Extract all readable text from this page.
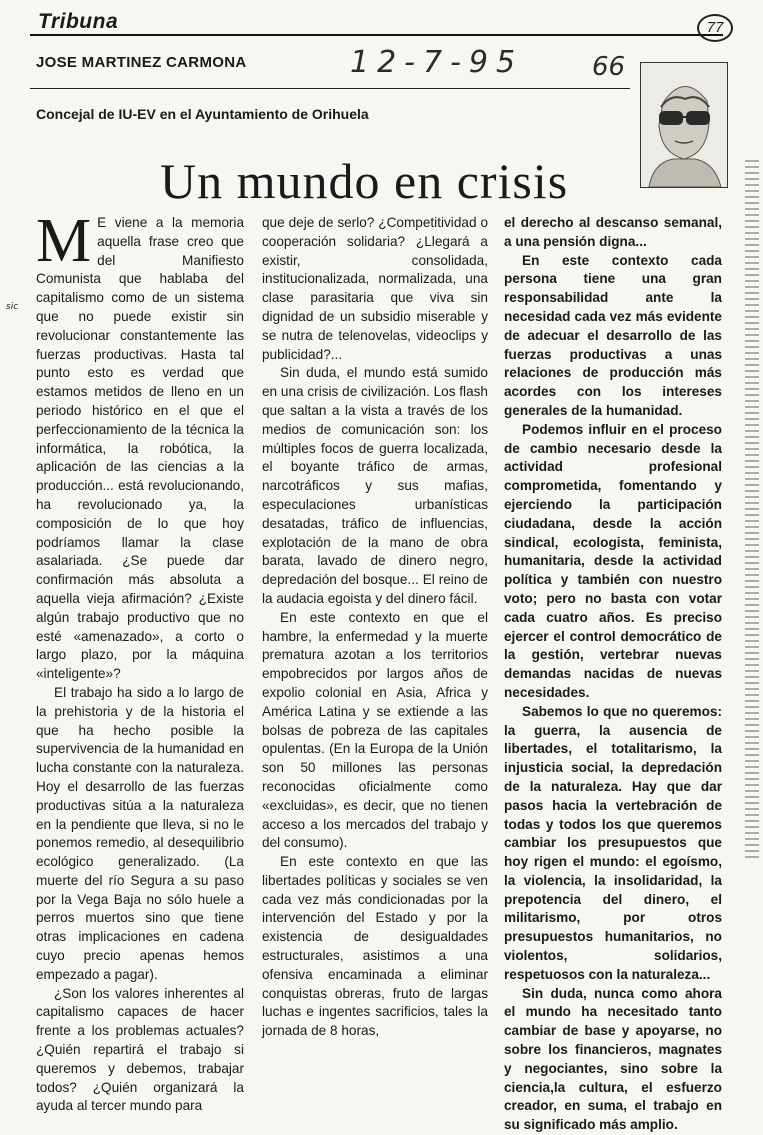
Tribuna	77
JOSE MARTINEZ CARMONA	12-7-95	66
Concejal de IU-EV en el Ayuntamiento de Orihuela
Un mundo en crisis
sic

M E viene a la memoria aquella frase creo que del Manifiesto Comunista que hablaba del capitalismo como de un sistema que no puede existir sin revolucionar constantemente las fuerzas productivas. Hasta tal punto esto es verdad que estamos metidos de lleno en un periodo histórico en el que el perfeccionamiento de la técnica la informática, la robótica, la aplicación de las ciencias a la producción... está revolucionando, ha revolucionado ya, la composición de lo que hoy podríamos llamar la clase asalariada. ¿Se puede dar confirmación más absoluta a aquella vieja afirmación? ¿Existe algún trabajo productivo que no esté «amenazado», a corto o largo plazo, por la máquina «inteligente»?

El trabajo ha sido a lo largo de la prehistoria y de la historia el que ha hecho posible la supervivencia de la humanidad en lucha constante con la naturaleza. Hoy el desarrollo de las fuerzas productivas sitúa a la naturaleza en la pendiente que lleva, si no le ponemos remedio, al desequilibrio ecológico generalizado. (La muerte del río Segura a su paso por la Vega Baja no sólo huele a perros muertos sino que tiene otras implicaciones en cadena cuyo precio apenas hemos empezado a pagar).

¿Son los valores inherentes al capitalismo capaces de hacer frente a los problemas actuales? ¿Quién repartirá el trabajo si queremos y debemos, trabajar todos? ¿Quién organizará la ayuda al tercer mundo para

que deje de serlo? ¿Competitividad o cooperación solidaria? ¿Llegará a existir, consolidada, institucionalizada, normalizada, una clase parasitaria que viva sin dignidad de un subsidio miserable y se nutra de telenovelas, videoclips y publicidad?...

Sin duda, el mundo está sumido en una crisis de civilización. Los flash que saltan a la vista a través de los medios de comunicación son: los múltiples focos de guerra localizada, el boyante tráfico de armas, narcotráficos y sus mafias, especulaciones urbanísticas desatadas, tráfico de influencias, explotación de la mano de obra barata, lavado de dinero negro, depredación del bosque... El reino de la audacia egoista y del dinero fácil.

En este contexto en que el hambre, la enfermedad y la muerte prematura azotan a los territorios empobrecidos por largos años de expolio colonial en Asia, Africa y América Latina y se extiende a las bolsas de pobreza de las capitales opulentas. (En la Europa de la Unión son 50 millones las personas reconocidas oficialmente como «excluidas», es decir, que no tienen acceso a los mercados del trabajo y del consumo).

En este contexto en que las libertades políticas y sociales se ven cada vez más condicionadas por la intervención del Estado y por la existencia de desigualdades estructurales, asistimos a una ofensiva encaminada a eliminar conquistas obreras, fruto de largas luchas e ingentes sacrificios, tales la jornada de 8 horas,

el derecho al descanso semanal, a una pensión digna...

En este contexto cada persona tiene una gran responsabilidad ante la necesidad cada vez más evidente de adecuar el desarrollo de las fuerzas productivas a unas relaciones de producción más acordes con los intereses generales de la humanidad.

Podemos influir en el proceso de cambio necesario desde la actividad profesional comprometida, fomentando y ejerciendo la participación ciudadana, desde la acción sindical, ecologista, feminista, humanitaria, desde la actividad política y también con nuestro voto; pero no basta con votar cada cuatro años. Es preciso ejercer el control democrático de la gestión, vertebrar nuevas demandas nacidas de nuevas necesidades.

Sabemos lo que no queremos: la guerra, la ausencia de libertades, el totalitarismo, la injusticia social, la depredación de la naturaleza. Hay que dar pasos hacia la vertebración de todas y todos los que queremos cambiar los presupuestos que hoy rigen el mundo: el egoísmo, la violencia, la insolidaridad, la prepotencia del dinero, el militarismo, por otros presupuestos humanitarios, no violentos, solidarios, respetuosos con la naturaleza...

Sin duda, nunca como ahora el mundo ha necesitado tanto cambiar de base y apoyarse, no sobre los financieros, magnates y negociantes, sino sobre la ciencia,la cultura, el esfuerzo creador, en suma, el trabajo en su significado más amplio.
